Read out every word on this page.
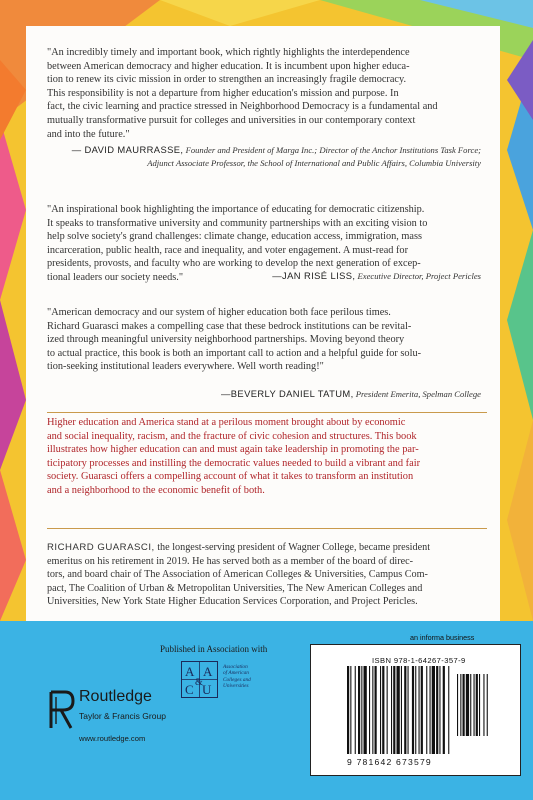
"An incredibly timely and important book, which rightly highlights the interdependence

between American democracy and higher education. It is incumbent upon higher educa-

tion to renew its civic mission in order to strengthen an increasingly fragile democracy.

This responsibility is not a departure from higher education's mission and purpose. In

fact, the civic learning and practice stressed in Neighborhood Democracy is a fundamental and

mutually transformative pursuit for colleges and universities in our contemporary context

and into the future."

— DAVID MAURRASSE, Founder and President of Marga Inc.; Director of the Anchor Institutions Task Force;
Adjunct Associate Professor, the School of International and Public Affairs, Columbia University

"An inspirational book highlighting the importance of educating for democratic citizenship.

It speaks to transformative university and community partnerships with an exciting vision to

help solve society's grand challenges: climate change, education access, immigration, mass

incarceration, public health, race and inequality, and voter engagement. A must-read for

presidents, provosts, and faculty who are working to develop the next generation of excep-

tional leaders our society needs."	—JAN RISÉ LISS, Executive Director, Project Pericles

"American democracy and our system of higher education both face perilous times.

Richard Guarasci makes a compelling case that these bedrock institutions can be revital-

ized through meaningful university neighborhood partnerships. Moving beyond theory

to actual practice, this book is both an important call to action and a helpful guide for solu-

tion-seeking institutional leaders everywhere. Well worth reading!"

—BEVERLY DANIEL TATUM, President Emerita, Spelman College

Higher education and America stand at a perilous moment brought about by economic

and social inequality, racism, and the fracture of civic cohesion and structures. This book

illustrates how higher education can and must again take leadership in promoting the par-

ticipatory processes and instilling the democratic values needed to build a vibrant and fair

society. Guarasci offers a compelling account of what it takes to transform an institution

and a neighborhood to the economic benefit of both.

RICHARD GUARASCI, the longest-serving president of Wagner College, became president
emeritus on his retirement in 2019. He has served both as a member of the board of direc-
tors, and board chair of The Association of American Colleges & Universities, Campus Com-
pact, The Coalition of Urban & Metropolitan Universities, The New American Colleges and
Universities, New York State Higher Education Services Corporation, and Project Pericles.
Published in Association with
A A
C U
&
Association
of American
Colleges and
Universities
Routledge
Taylor & Francis Group
www.routledge.com
an informa business
ISBN 978-1-64267-357-9
9 781642 673579
